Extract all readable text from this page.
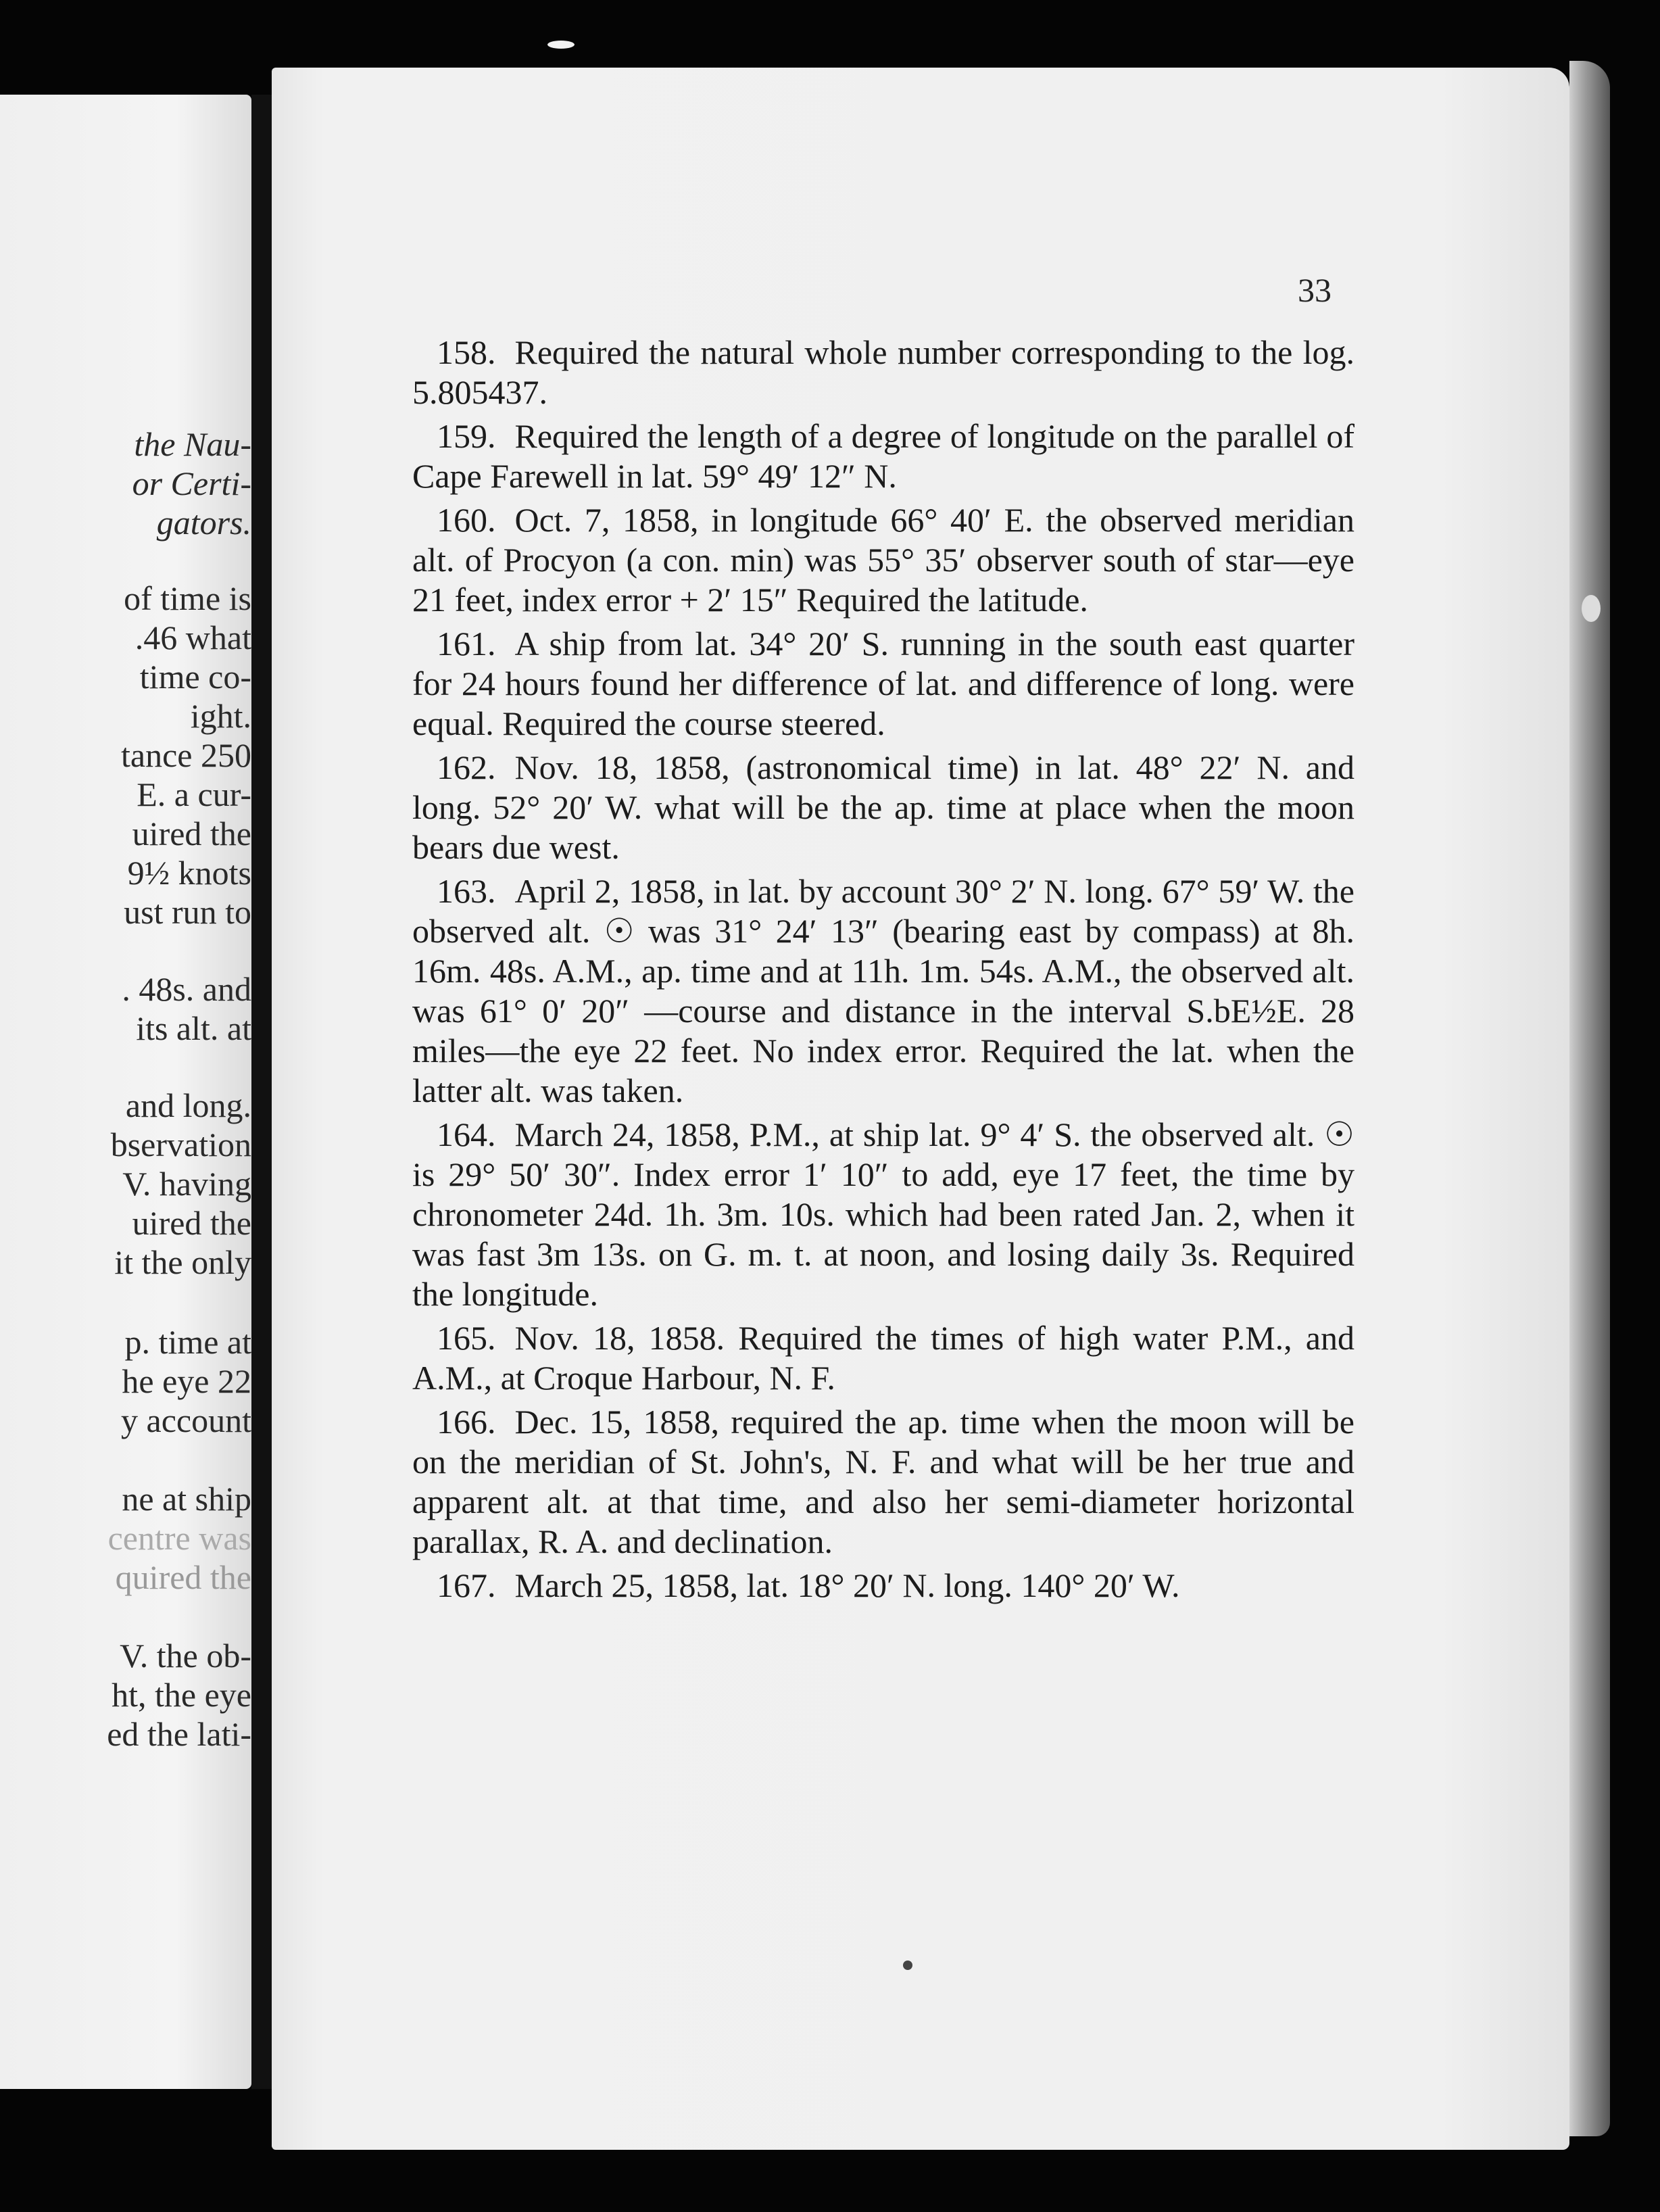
the Nau-
or Certi-
gators.
of time is
.46 what
time co-
ight.
tance 250
E. a cur-
uired the
9½ knots
ust run to
. 48s. and
its alt. at
and long.
bservation
V. having
uired the
it the only
p. time at
he eye 22
y account
ne at ship
centre was
quired the
V. the ob-
ht, the eye
ed the lati-
33

158. Required the natural whole number corresponding to the log. 5.805437.

159. Required the length of a degree of longitude on the parallel of Cape Farewell in lat. 59° 49′ 12″ N.

160. Oct. 7, 1858, in longitude 66° 40′ E. the observed meridian alt. of Procyon (a con. min) was 55° 35′ observer south of star—eye 21 feet, index error + 2′ 15″ Required the latitude.

161. A ship from lat. 34° 20′ S. running in the south east quarter for 24 hours found her difference of lat. and difference of long. were equal. Required the course steered.

162. Nov. 18, 1858, (astronomical time) in lat. 48° 22′ N. and long. 52° 20′ W. what will be the ap. time at place when the moon bears due west.

163. April 2, 1858, in lat. by account 30° 2′ N. long. 67° 59′ W. the observed alt. ☉ was 31° 24′ 13″ (bearing east by compass) at 8h. 16m. 48s. A.M., ap. time and at 11h. 1m. 54s. A.M., the observed alt. was 61° 0′ 20″ —course and distance in the interval S.bE½E. 28 miles—the eye 22 feet. No index error. Required the lat. when the latter alt. was taken.

164. March 24, 1858, P.M., at ship lat. 9° 4′ S. the observed alt. ☉ is 29° 50′ 30″. Index error 1′ 10″ to add, eye 17 feet, the time by chronometer 24d. 1h. 3m. 10s. which had been rated Jan. 2, when it was fast 3m 13s. on G. m. t. at noon, and losing daily 3s. Required the longitude.

165. Nov. 18, 1858. Required the times of high water P.M., and A.M., at Croque Harbour, N. F.

166. Dec. 15, 1858, required the ap. time when the moon will be on the meridian of St. John's, N. F. and what will be her true and apparent alt. at that time, and also her semi-diameter horizontal parallax, R. A. and declination.

167. March 25, 1858, lat. 18° 20′ N. long. 140° 20′ W.
